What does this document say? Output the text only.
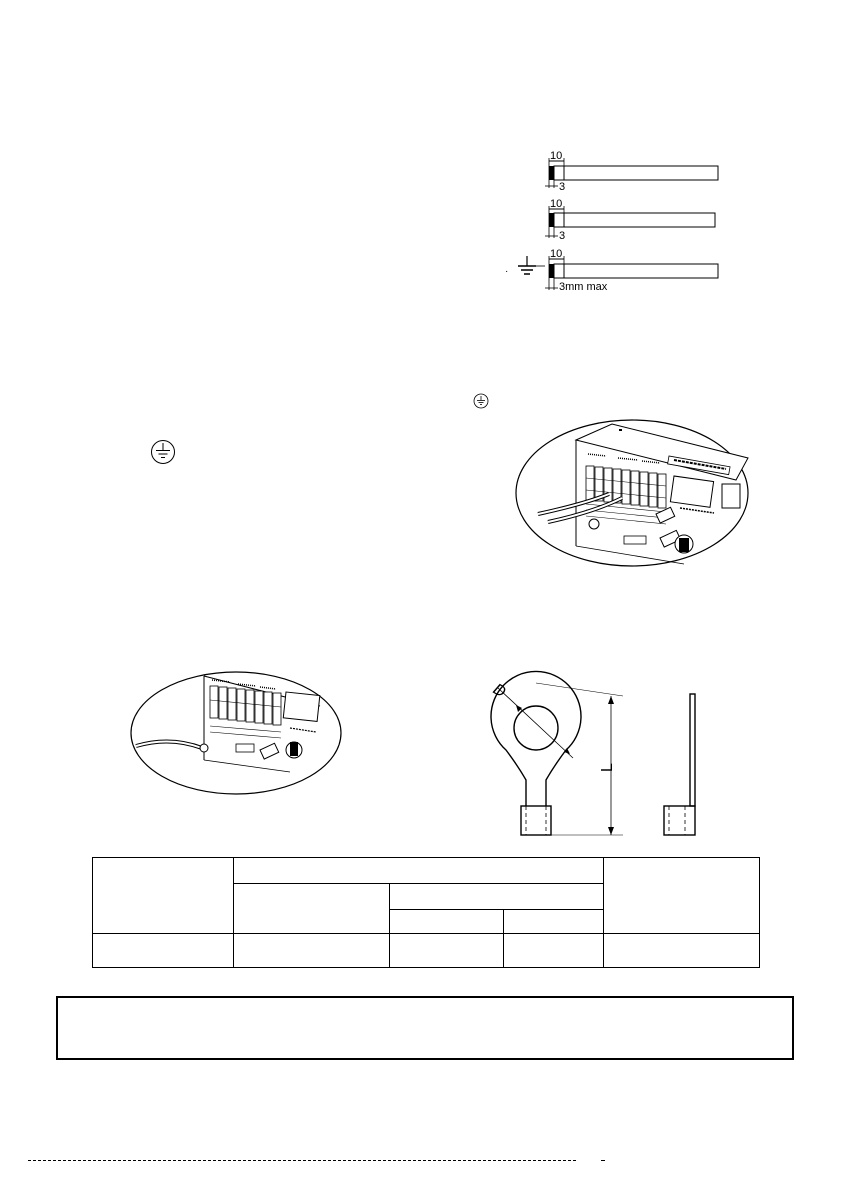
10
3
10
3
10
3mm max
·
D
L
